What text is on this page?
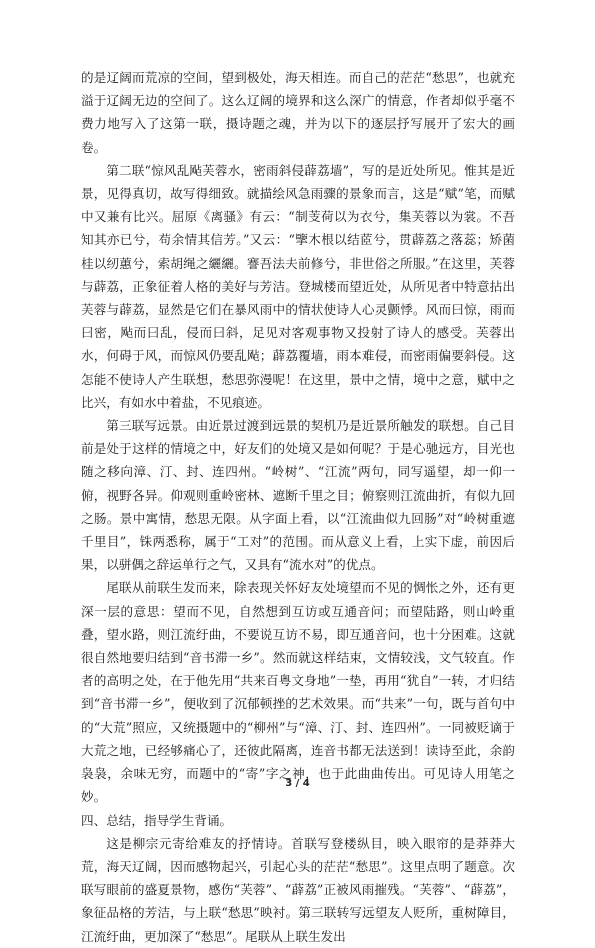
的是辽阔而荒凉的空间，望到极处，海天相连。而自己的茫茫“愁思”，也就充溢于辽阔无边的空间了。这么辽阔的境界和这么深广的情意，作者却似乎毫不费力地写入了这第一联，摄诗题之魂，并为以下的逐层抒写展开了宏大的画卷。

第二联“惊风乱飐芙蓉水，密雨斜侵薜荔墙”，写的是近处所见。惟其是近景，见得真切，故写得细致。就描绘风急雨骤的景象而言，这是“赋”笔，而赋中又兼有比兴。屈原《离骚》有云：“制芰荷以为衣兮，集芙蓉以为裳。不吾知其亦已兮，苟余情其信芳。”又云：“擥木根以结茝兮，贯薜荔之落蕊；矫菌桂以纫蕙兮，索胡绳之纚纚。謇吾法夫前修兮，非世俗之所服。”在这里，芙蓉与薜荔，正象征着人格的美好与芳洁。登城楼而望近处，从所见者中特意拈出芙蓉与薜荔，显然是它们在暴风雨中的情状使诗人心灵颤悸。风而曰惊，雨而曰密，飐而曰乱，侵而曰斜，足见对客观事物又投射了诗人的感受。芙蓉出水，何碍于风，而惊风仍要乱飐；薜荔覆墙，雨本难侵，而密雨偏要斜侵。这怎能不使诗人产生联想，愁思弥漫呢！在这里，景中之情，境中之意，赋中之比兴，有如水中着盐，不见痕迹。

第三联写远景。由近景过渡到远景的契机乃是近景所触发的联想。自己目前是处于这样的情境之中，好友们的处境又是如何呢？于是心驰远方，目光也随之移向漳、汀、封、连四州。“岭树”、“江流”两句，同写遥望，却一仰一俯，视野各异。仰观则重岭密林、遮断千里之目；俯察则江流曲折，有似九回之肠。景中寓情，愁思无限。从字面上看，以“江流曲似九回肠”对“岭树重遮千里目”，铢两悉称，属于“工对”的范围。而从意义上看，上实下虚，前因后果，以骈偶之辞运单行之气，又具有“流水对”的优点。

尾联从前联生发而来，除表现关怀好友处境望而不见的惆怅之外，还有更深一层的意思：望而不见，自然想到互访或互通音问；而望陆路，则山岭重叠，望水路，则江流纡曲，不要说互访不易，即互通音问，也十分困难。这就很自然地要归结到“音书滞一乡”。然而就这样结束，文情较浅，文气较直。作者的高明之处，在于他先用“共来百粤文身地”一垫，再用“犹自”一转，才归结到“音书滞一乡”，便收到了沉郁顿挫的艺术效果。而“共来”一句，既与首句中的“大荒”照应，又统摄题中的“柳州”与“漳、汀、封、连四州”。一同被贬谪于大荒之地，已经够痛心了，还彼此隔离，连音书都无法送到！读诗至此，余韵袅袅，余味无穷，而题中的“寄”字之神，也于此曲曲传出。可见诗人用笔之妙。

四、总结，指导学生背诵。

这是柳宗元寄给难友的抒情诗。首联写登楼纵目，映入眼帘的是莽莽大荒，海天辽阔，因而感物起兴，引起心头的茫茫“愁思”。这里点明了题意。次联写眼前的盛夏景物，感伤“芙蓉”、“薜荔”正被风雨摧残。“芙蓉”、“薜荔”，象征品格的芳洁，与上联“愁思”映衬。第三联转写远望友人贬所，重树障目，江流纡曲，更加深了“愁思”。尾联从上联生发出

3 / 4
